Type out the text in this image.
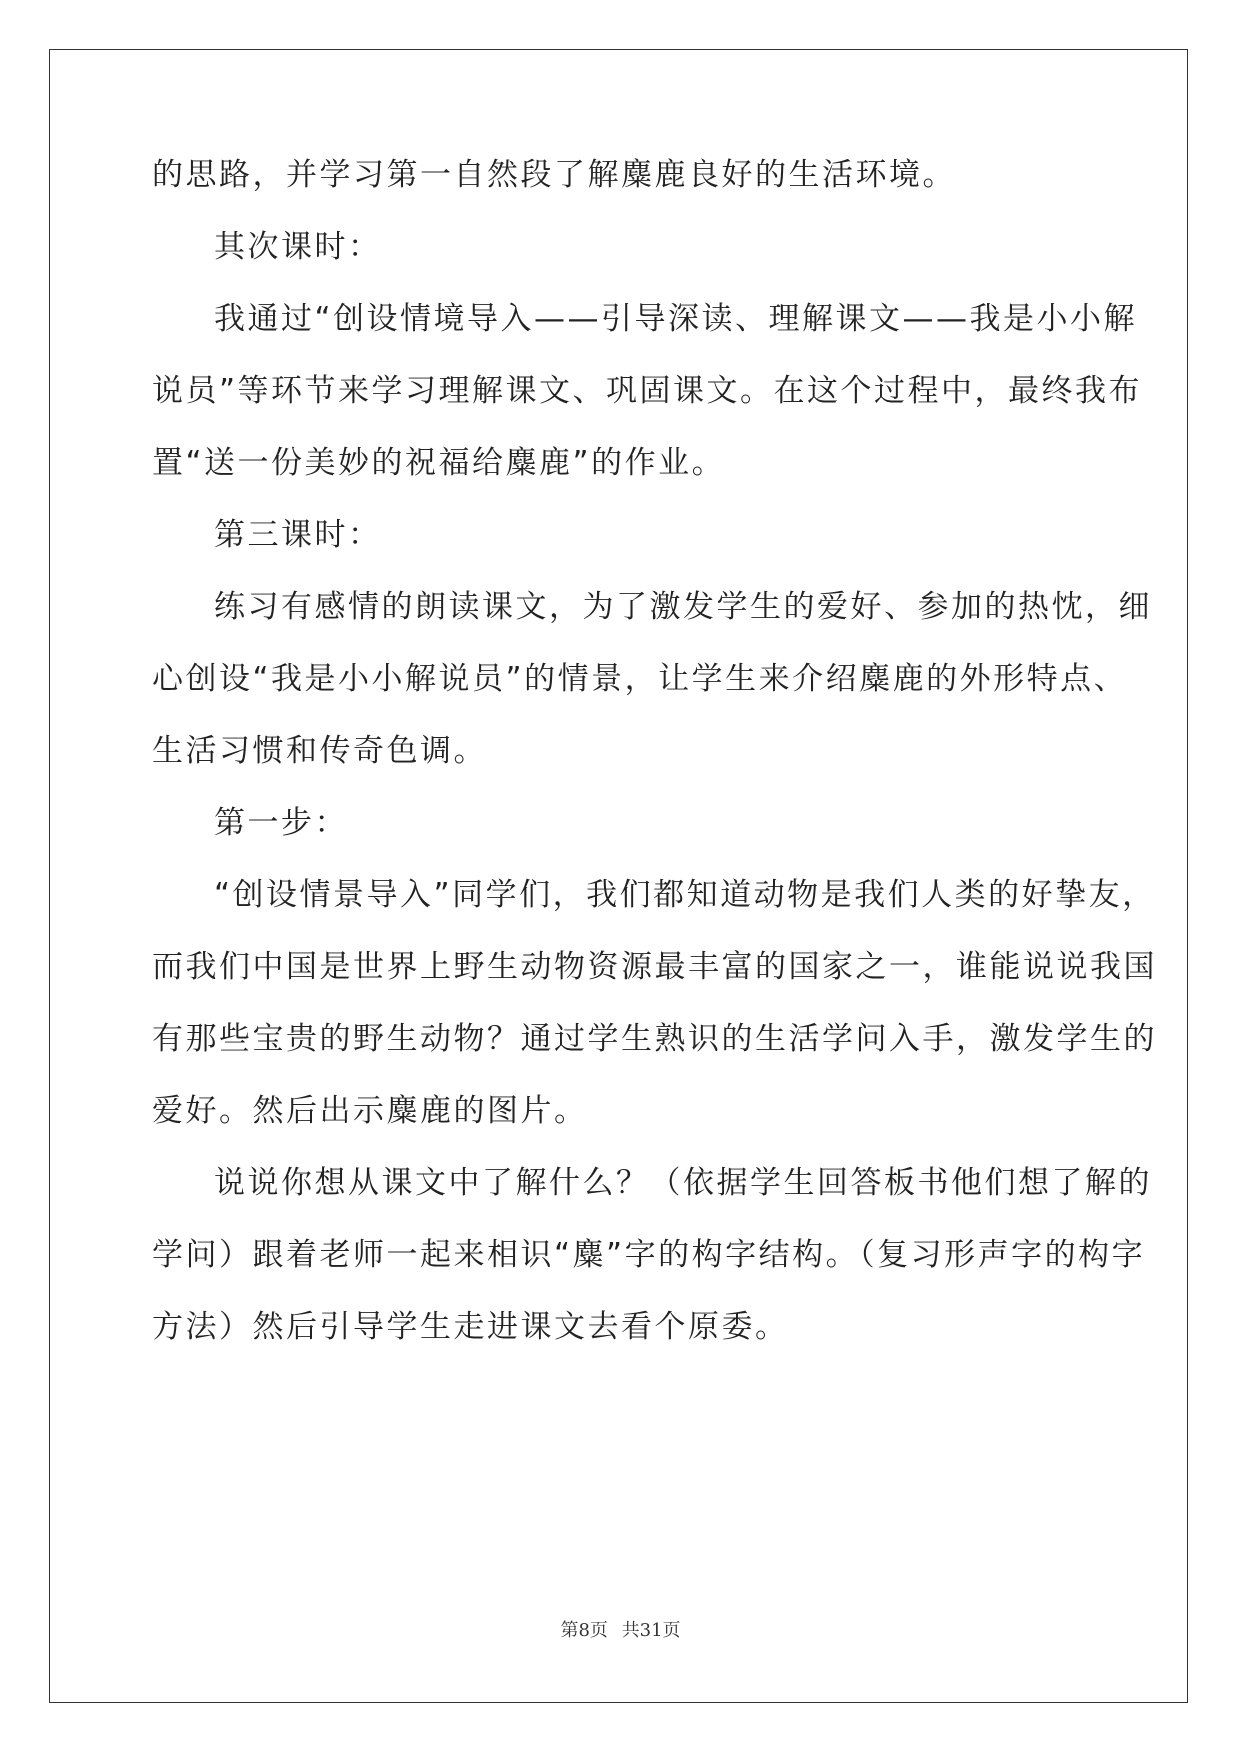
的思路，并学习第一自然段了解麋鹿良好的生活环境。
其次课时：
我通过“创设情境导入——引导深读、理解课文——我是小小解
说员”等环节来学习理解课文、巩固课文。在这个过程中，最终我布
置“送一份美妙的祝福给麋鹿”的作业。
第三课时：
练习有感情的朗读课文，为了激发学生的爱好、参加的热忱，细
心创设“我是小小解说员”的情景，让学生来介绍麋鹿的外形特点、
生活习惯和传奇色调。
第一步：
“创设情景导入”同学们，我们都知道动物是我们人类的好挚友，
而我们中国是世界上野生动物资源最丰富的国家之一，谁能说说我国
有那些宝贵的野生动物？通过学生熟识的生活学问入手，激发学生的
爱好。然后出示麋鹿的图片。
说说你想从课文中了解什么？（依据学生回答板书他们想了解的
学问）跟着老师一起来相识“麋”字的构字结构。（复习形声字的构字
方法）然后引导学生走进课文去看个原委。
第8页 共31页
